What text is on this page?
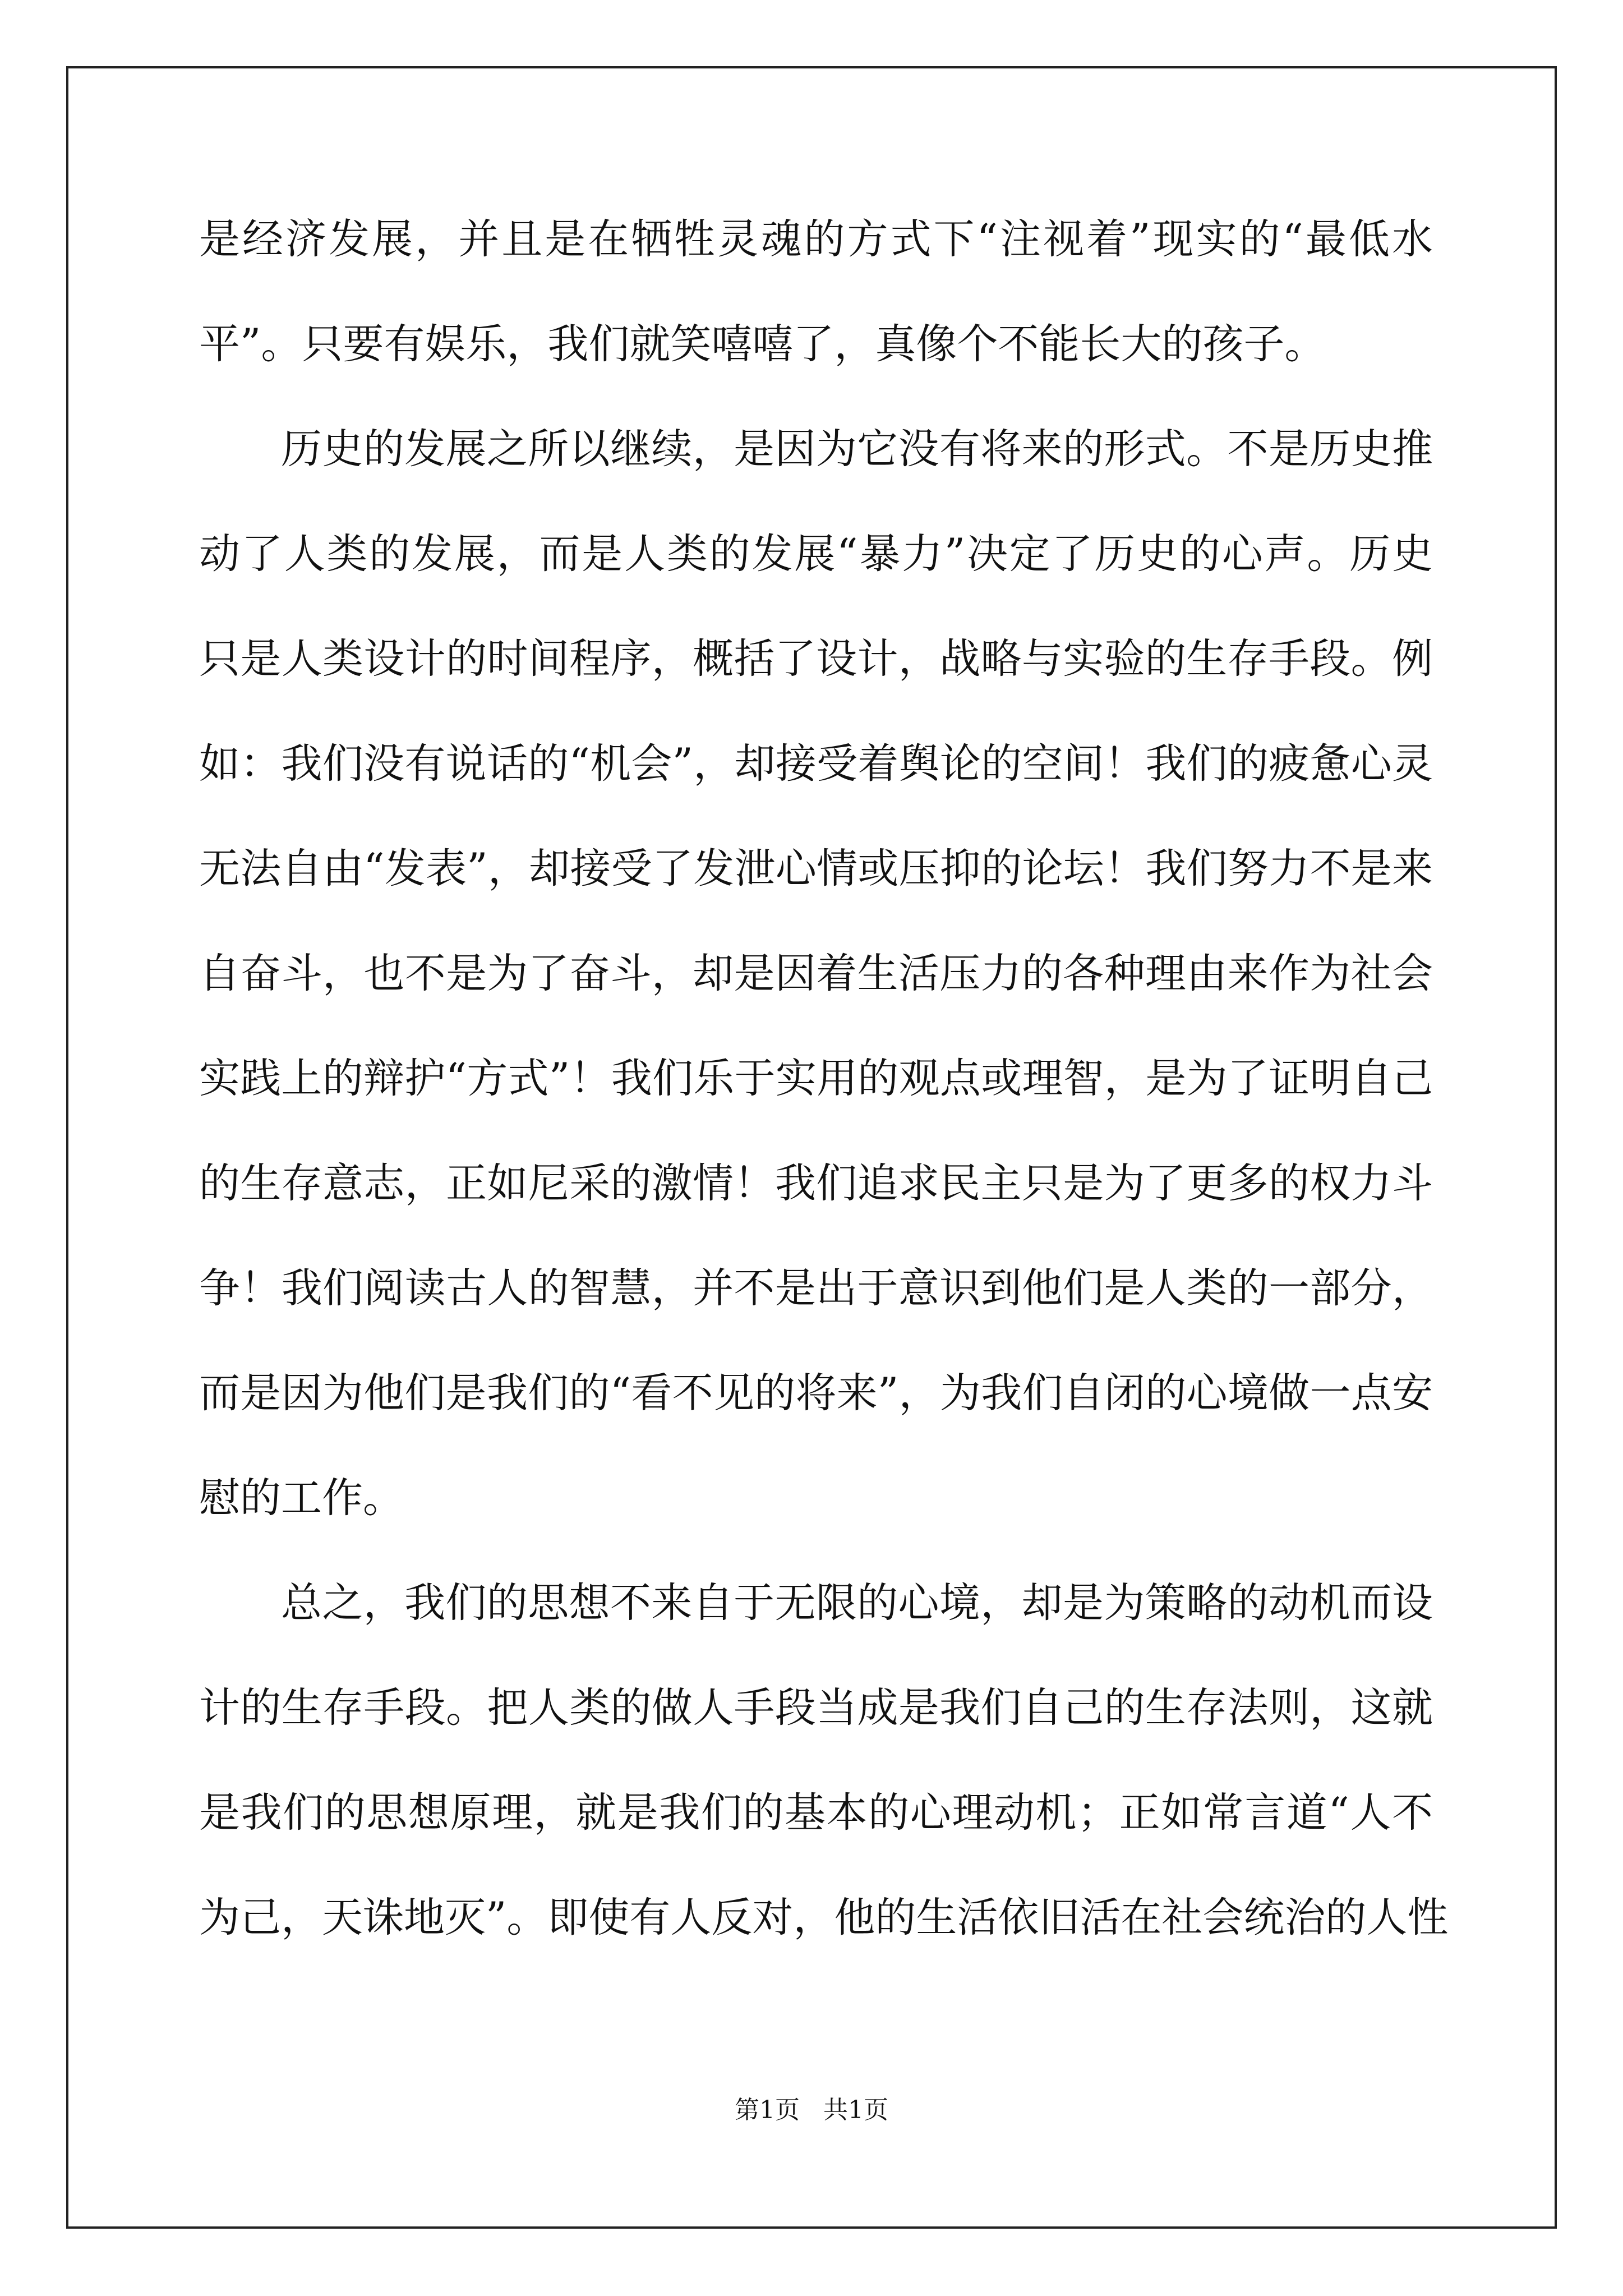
是经济发展，并且是在牺牲灵魂的方式下“注视着”现实的“最低水
平”。只要有娱乐，我们就笑嘻嘻了，真像个不能长大的孩子。
历史的发展之所以继续，是因为它没有将来的形式。不是历史推
动了人类的发展，而是人类的发展“暴力”决定了历史的心声。历史
只是人类设计的时间程序，概括了设计，战略与实验的生存手段。例
如：我们没有说话的“机会”，却接受着舆论的空间！我们的疲惫心灵
无法自由“发表”，却接受了发泄心情或压抑的论坛！我们努力不是来
自奋斗，也不是为了奋斗，却是因着生活压力的各种理由来作为社会
实践上的辩护“方式”！我们乐于实用的观点或理智，是为了证明自己
的生存意志，正如尼采的激情！我们追求民主只是为了更多的权力斗
争！我们阅读古人的智慧，并不是出于意识到他们是人类的一部分，
而是因为他们是我们的“看不见的将来”，为我们自闭的心境做一点安
慰的工作。
总之，我们的思想不来自于无限的心境，却是为策略的动机而设
计的生存手段。把人类的做人手段当成是我们自己的生存法则，这就
是我们的思想原理，就是我们的基本的心理动机；正如常言道“人不
为己，天诛地灭”。即使有人反对，他的生活依旧活在社会统治的人性
第1页 共1页
